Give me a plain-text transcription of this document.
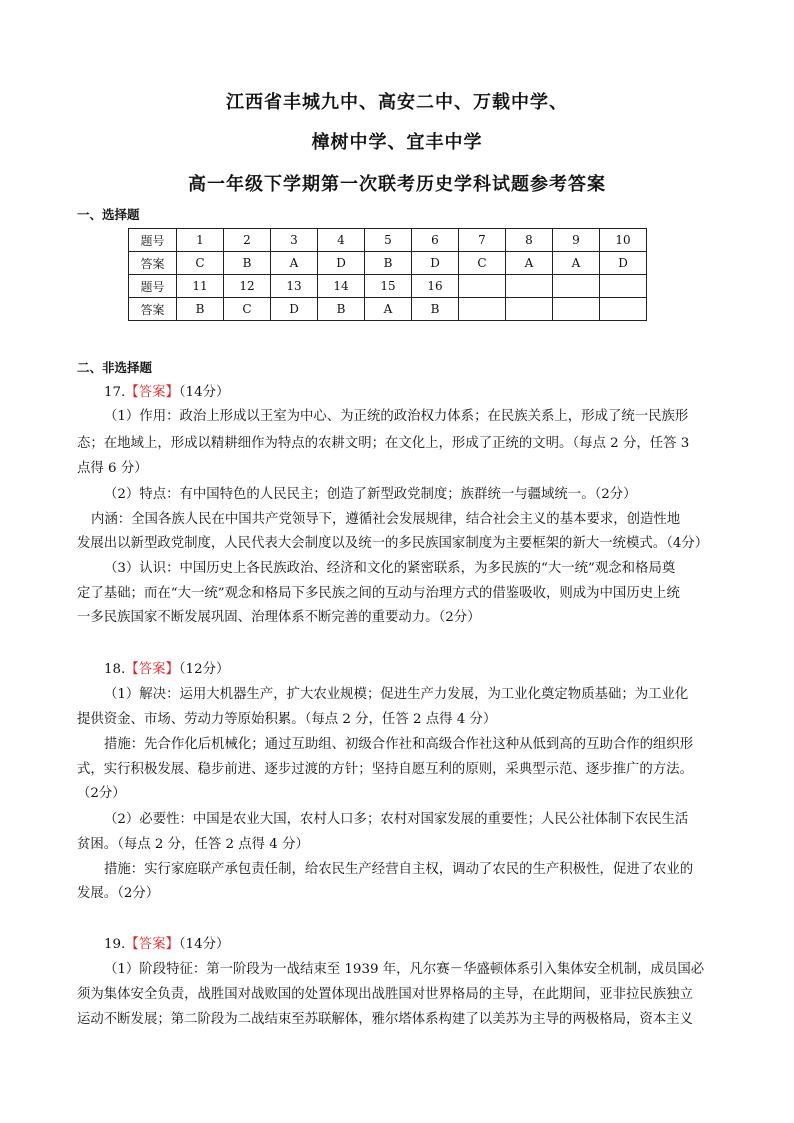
江西省丰城九中、高安二中、万载中学、
樟树中学、宜丰中学
高一年级下学期第一次联考历史学科试题参考答案
一、选择题
题号	1	2	3	4	5	6	7	8	9	10
答案	C	B	A	D	B	D	C	A	A	D
题号	11	12	13	14	15	16				
答案	B	C	D	B	A	B				
二、非选择题
17.【答案】（14分）
（1）作用：政治上形成以王室为中心、为正统的政治权力体系；在民族关系上，形成了统一民族形
态；在地域上，形成以精耕细作为特点的农耕文明；在文化上，形成了正统的文明。（每点 2 分，任答 3
点得 6 分）
（2）特点：有中国特色的人民民主；创造了新型政党制度；族群统一与疆域统一。（2分）
内涵：全国各族人民在中国共产党领导下，遵循社会发展规律，结合社会主义的基本要求，创造性地
发展出以新型政党制度，人民代表大会制度以及统一的多民族国家制度为主要框架的新大一统模式。（4分）
（3）认识：中国历史上各民族政治、经济和文化的紧密联系，为多民族的“大一统”观念和格局奠
定了基础；而在“大一统”观念和格局下多民族之间的互动与治理方式的借鉴吸收，则成为中国历史上统
一多民族国家不断发展巩固、治理体系不断完善的重要动力。（2分）
18.【答案】（12分）
（1）解决：运用大机器生产，扩大农业规模；促进生产力发展，为工业化奠定物质基础；为工业化
提供资金、市场、劳动力等原始积累。（每点 2 分，任答 2 点得 4 分）
措施：先合作化后机械化；通过互助组、初级合作社和高级合作社这种从低到高的互助合作的组织形
式，实行积极发展、稳步前进、逐步过渡的方针；坚持自愿互利的原则，采典型示范、逐步推广的方法。
（2分）
（2）必要性：中国是农业大国，农村人口多；农村对国家发展的重要性；人民公社体制下农民生活
贫困。（每点 2 分，任答 2 点得 4 分）
措施：实行家庭联产承包责任制，给农民生产经营自主权，调动了农民的生产积极性，促进了农业的
发展。（2分）
19.【答案】（14分）
（1）阶段特征：第一阶段为一战结束至 1939 年，凡尔赛－华盛顿体系引入集体安全机制，成员国必
须为集体安全负责，战胜国对战败国的处置体现出战胜国对世界格局的主导，在此期间，亚非拉民族独立
运动不断发展；第二阶段为二战结束至苏联解体，雅尔塔体系构建了以美苏为主导的两极格局，资本主义
